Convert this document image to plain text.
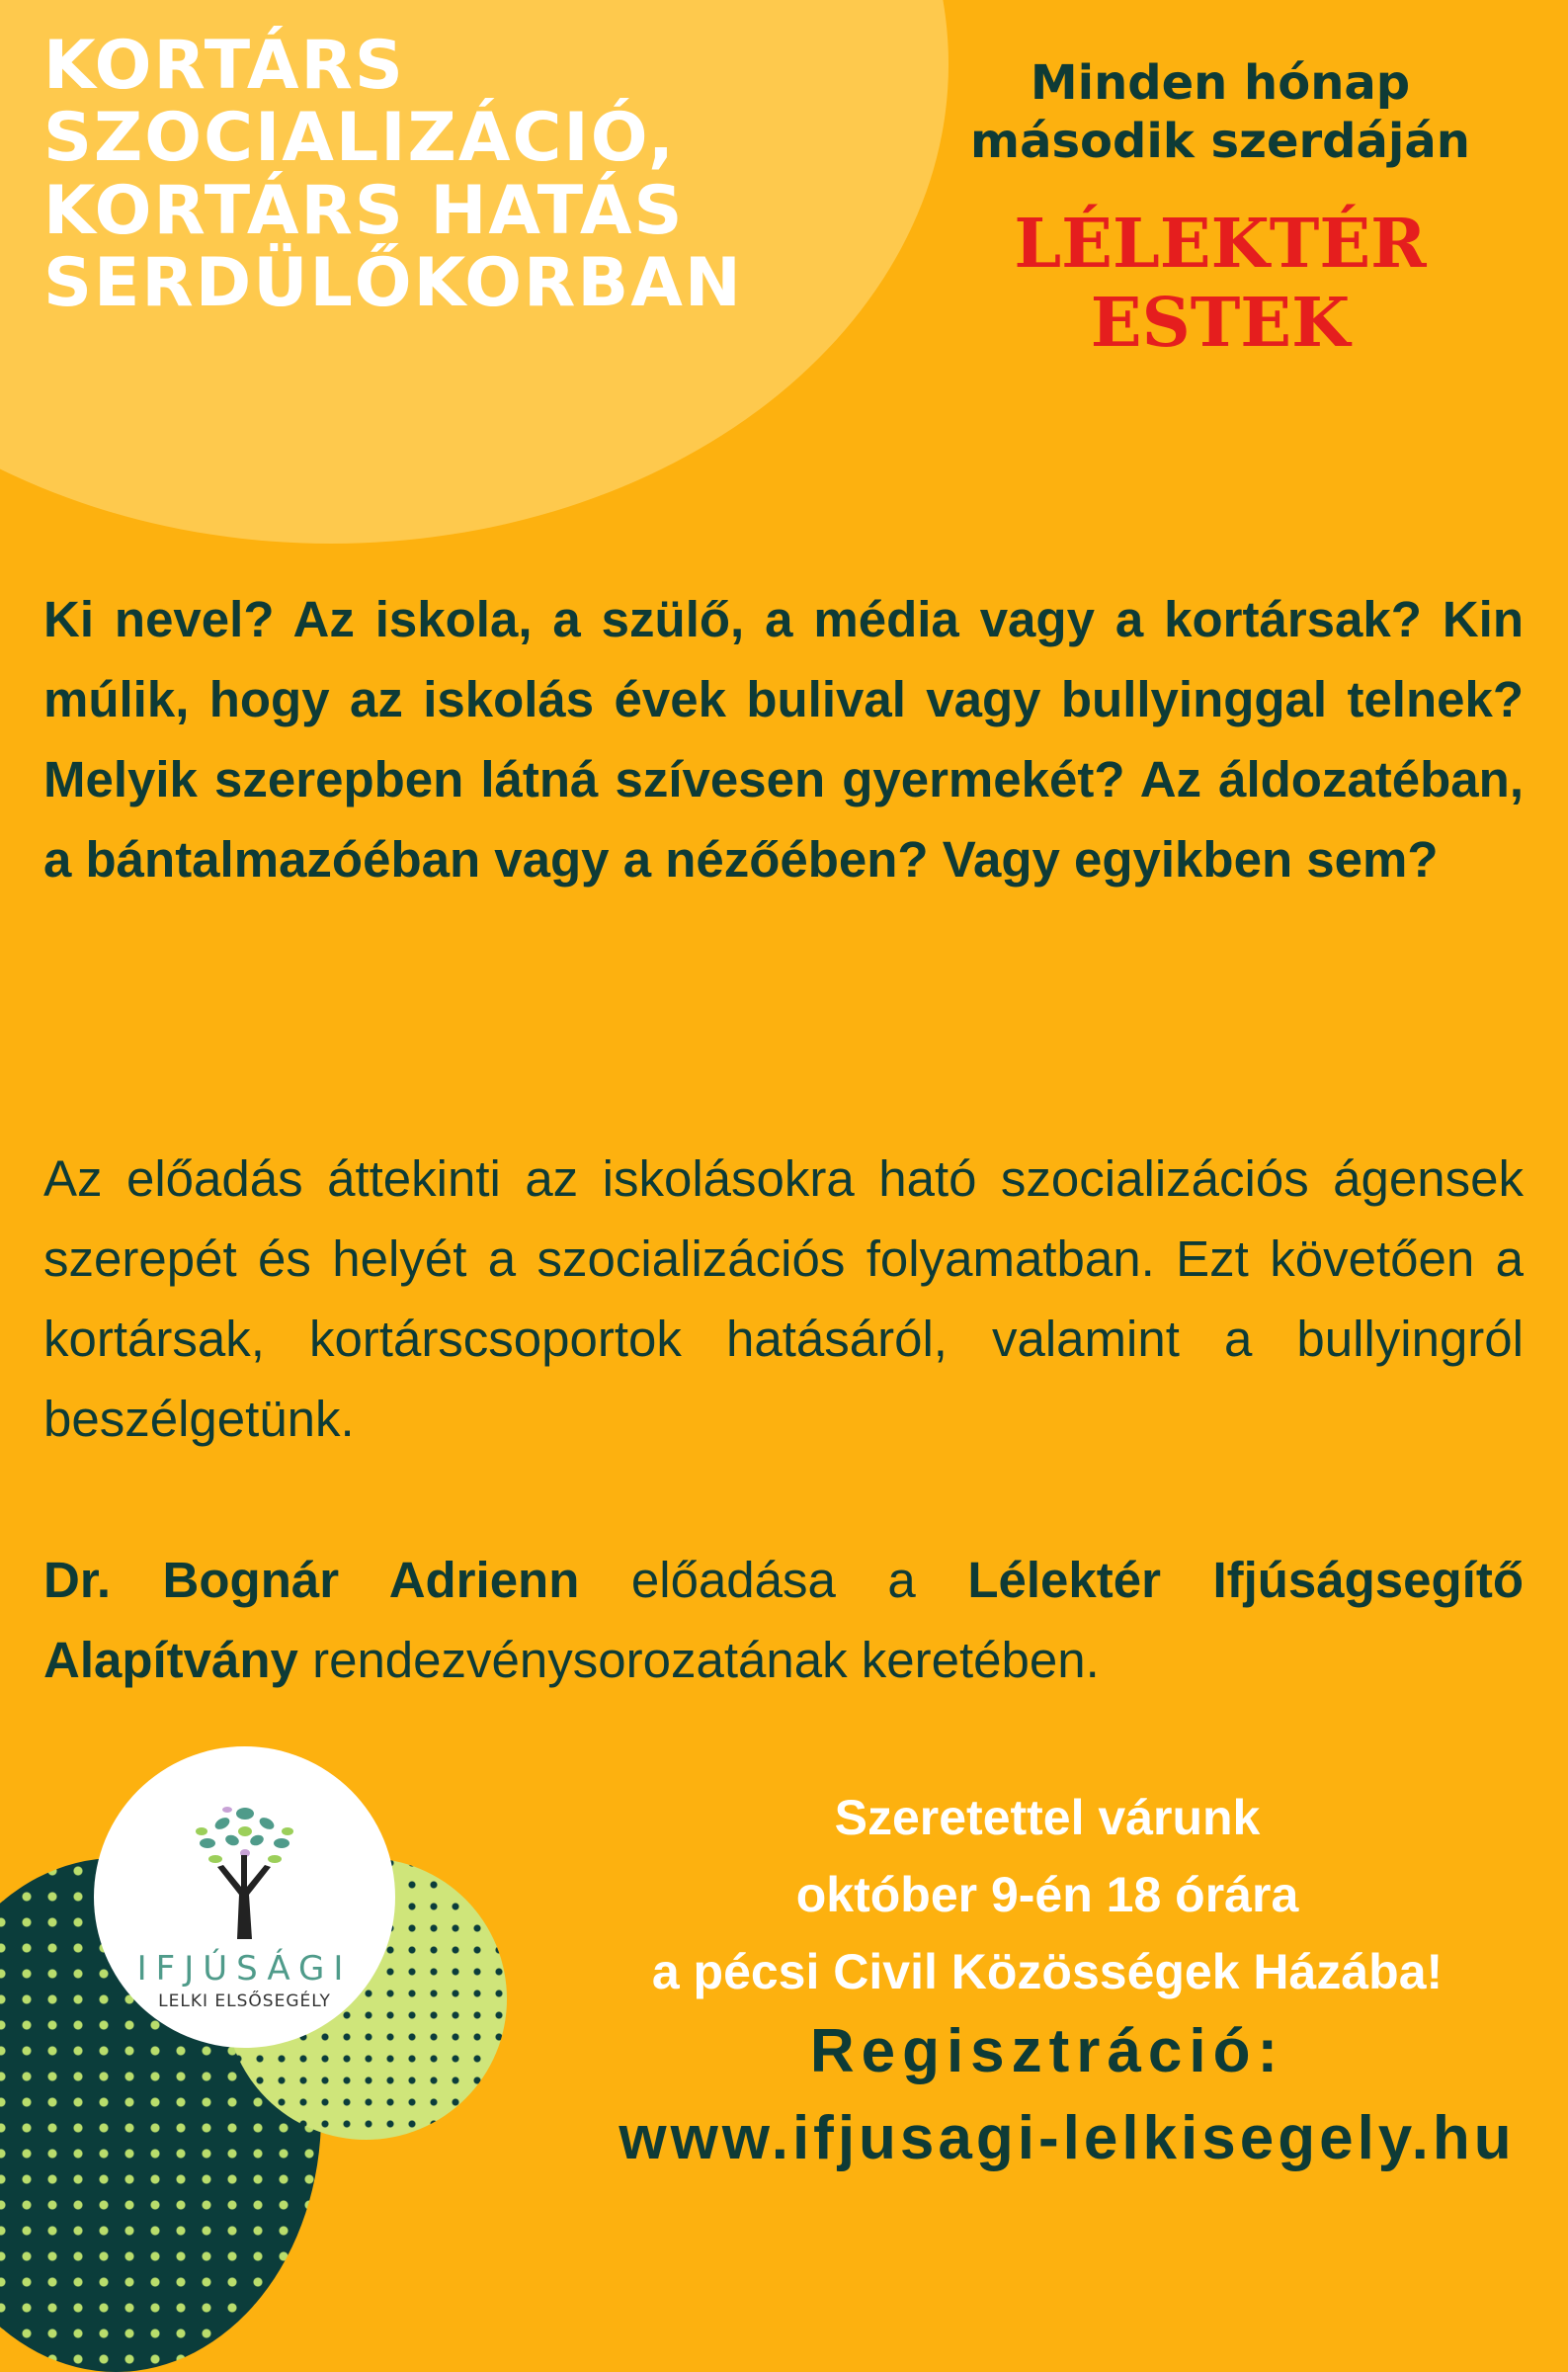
KORTÁRS
SZOCIALIZÁCIÓ,
KORTÁRS HATÁS
SERDÜLŐKORBAN

Minden hónap
második szerdáján

LÉLEKTÉR ESTEK

Ki nevel? Az iskola, a szülő, a média vagy a kortársak? Kin múlik, hogy az iskolás évek bulival vagy bullyinggal telnek? Melyik szerepben látná szívesen gyermekét? Az áldozatéban, a bántalmazóéban vagy a nézőében? Vagy egyikben sem?

Az előadás áttekinti az iskolásokra ható szocializációs ágensek szerepét és helyét a szocializációs folyamatban. Ezt követően a kortársak, kortárscsoportok hatásáról, valamint a bullyingról beszélgetünk.

Dr. Bognár Adrienn előadása a Lélektér Ifjúságsegítő Alapítvány rendezvénysorozatának keretében.

IFJÚSÁGI
LELKI ELSŐSEGÉLY

Szeretettel várunk
október 9-én 18 órára
a pécsi Civil Közösségek Házába!

Regisztráció:
www.ifjusagi-lelkisegely.hu
